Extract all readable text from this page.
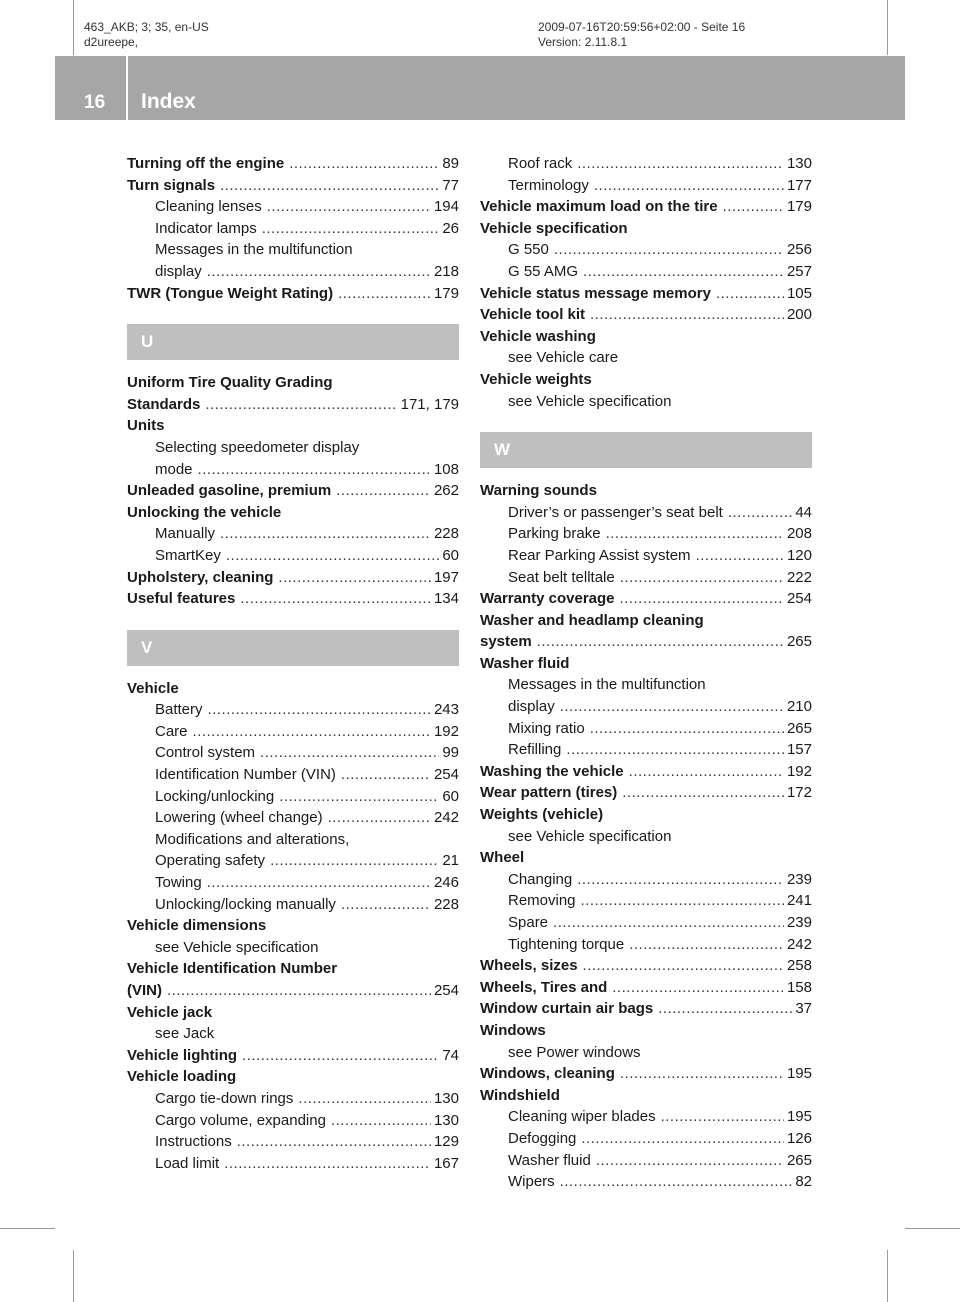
463_AKB; 3; 35, en-US
d2ureepe,
2009-07-16T20:59:56+02:00 - Seite 16
Version: 2.11.8.1
16	Index
Turning off the engine .....	89
Turn signals .....	77
Cleaning lenses .....	194
Indicator lamps .....	26
Messages in the multifunction
display .....	218
TWR (Tongue Weight Rating) .....	179
U
Uniform Tire Quality Grading
Standards .....	171, 179
Units
Selecting speedometer display
mode .....	108
Unleaded gasoline, premium .....	262
Unlocking the vehicle
Manually .....	228
SmartKey .....	60
Upholstery, cleaning .....	197
Useful features .....	134
V
Vehicle
Battery .....	243
Care .....	192
Control system .....	99
Identification Number (VIN) .....	254
Locking/unlocking .....	60
Lowering (wheel change) .....	242
Modifications and alterations,
Operating safety .....	21
Towing .....	246
Unlocking/locking manually .....	228
Vehicle dimensions
see Vehicle specification
Vehicle Identification Number
(VIN) .....	254
Vehicle jack
see Jack
Vehicle lighting .....	74
Vehicle loading
Cargo tie-down rings .....	130
Cargo volume, expanding .....	130
Instructions .....	129
Load limit .....	167
Roof rack .....	130
Terminology .....	177
Vehicle maximum load on the tire .....	179
Vehicle specification
G 550 .....	256
G 55 AMG .....	257
Vehicle status message memory .....	105
Vehicle tool kit .....	200
Vehicle washing
see Vehicle care
Vehicle weights
see Vehicle specification
W
Warning sounds
Driver’s or passenger’s seat belt .....	44
Parking brake .....	208
Rear Parking Assist system .....	120
Seat belt telltale .....	222
Warranty coverage .....	254
Washer and headlamp cleaning
system .....	265
Washer fluid
Messages in the multifunction
display .....	210
Mixing ratio .....	265
Refilling .....	157
Washing the vehicle .....	192
Wear pattern (tires) .....	172
Weights (vehicle)
see Vehicle specification
Wheel
Changing .....	239
Removing .....	241
Spare .....	239
Tightening torque .....	242
Wheels, sizes .....	258
Wheels, Tires and .....	158
Window curtain air bags .....	37
Windows
see Power windows
Windows, cleaning .....	195
Windshield
Cleaning wiper blades .....	195
Defogging .....	126
Washer fluid .....	265
Wipers .....	82
